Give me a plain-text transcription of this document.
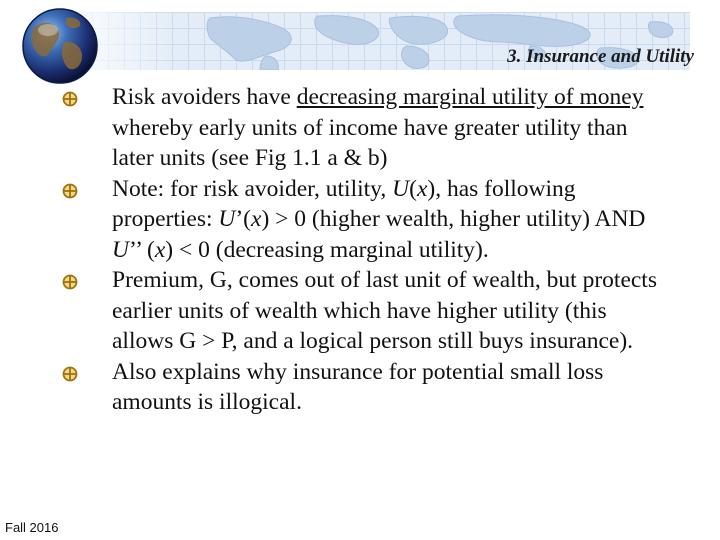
3. Insurance and Utility
Risk avoiders have decreasing marginal utility of money whereby early units of income have greater utility than later units (see Fig 1.1 a & b)
Note: for risk avoider, utility, U(x), has following properties: U’(x) > 0 (higher wealth, higher utility) AND U’’ (x) < 0 (decreasing marginal utility).
Premium, G, comes out of last unit of wealth, but protects earlier units of wealth which have higher utility (this allows G > P, and a logical person still buys insurance).
Also explains why insurance for potential small loss amounts is illogical.
Fall 2016
